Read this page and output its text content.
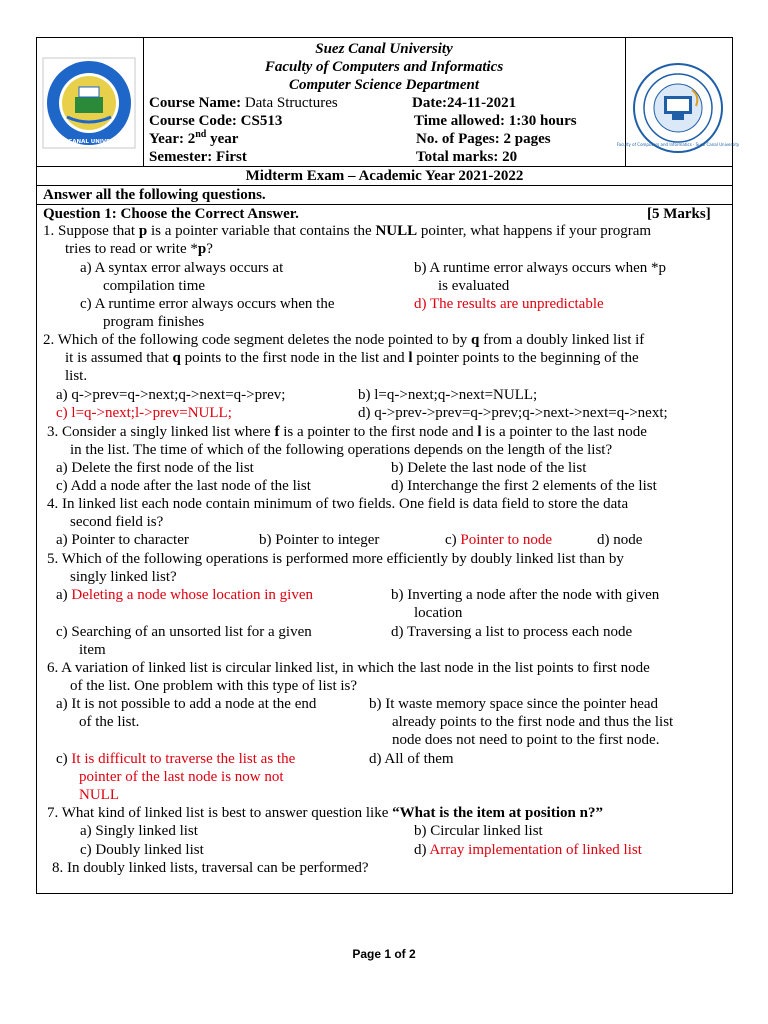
SUEZ CANAL UNIVERSITY	Faculty of Computers and Informatics · Suez Canal University
Suez Canal University
Faculty of Computers and Informatics
Computer Science Department
Course Name: Data Structures	Date:24-11-2021
Course Code: CS513	Time allowed: 1:30 hours
Year: 2nd year	No. of Pages: 2 pages
Semester: First	Total marks: 20
Midterm Exam – Academic Year 2021-2022
Answer all the following questions.
Question 1: Choose the Correct Answer.	[5 Marks]
1. Suppose that p is a pointer variable that contains the NULL pointer, what happens if your program
tries to read or write *p?
a) A syntax error always occurs at
compilation time
b) A runtime error always occurs when *p
is evaluated
c) A runtime error always occurs when the
program finishes
d) The results are unpredictable
2. Which of the following code segment deletes the node pointed to by q from a doubly linked list if
it is assumed that q points to the first node in the list and l pointer points to the beginning of the
list.
a) q->prev=q->next;q->next=q->prev;	b) l=q->next;q->next=NULL;
c) l=q->next;l->prev=NULL;	d) q->prev->prev=q->prev;q->next->next=q->next;
3. Consider a singly linked list where f is a pointer to the first node and l is a pointer to the last node
in the list. The time of which of the following operations depends on the length of the list?
a) Delete the first node of the list	b) Delete the last node of the list
c) Add a node after the last node of the list	d) Interchange the first 2 elements of the list
4. In linked list each node contain minimum of two fields. One field is data field to store the data
second field is?
a) Pointer to character	b) Pointer to integer	c) Pointer to node	d) node
5. Which of the following operations is performed more efficiently by doubly linked list than by
singly linked list?
a) Deleting a node whose location in given	b) Inverting a node after the node with given
location
c) Searching of an unsorted list for a given
item
d) Traversing a list to process each node
6. A variation of linked list is circular linked list, in which the last node in the list points to first node
of the list. One problem with this type of list is?
a) It is not possible to add a node at the end
of the list.
b) It waste memory space since the pointer head
already points to the first node and thus the list
node does not need to point to the first node.
c) It is difficult to traverse the list as the
pointer of the last node is now not
NULL
d) All of them
7. What kind of linked list is best to answer question like “What is the item at position n?”
a) Singly linked list	b) Circular linked list
c) Doubly linked list	d) Array implementation of linked list
8. In doubly linked lists, traversal can be performed?
Page 1 of 2
